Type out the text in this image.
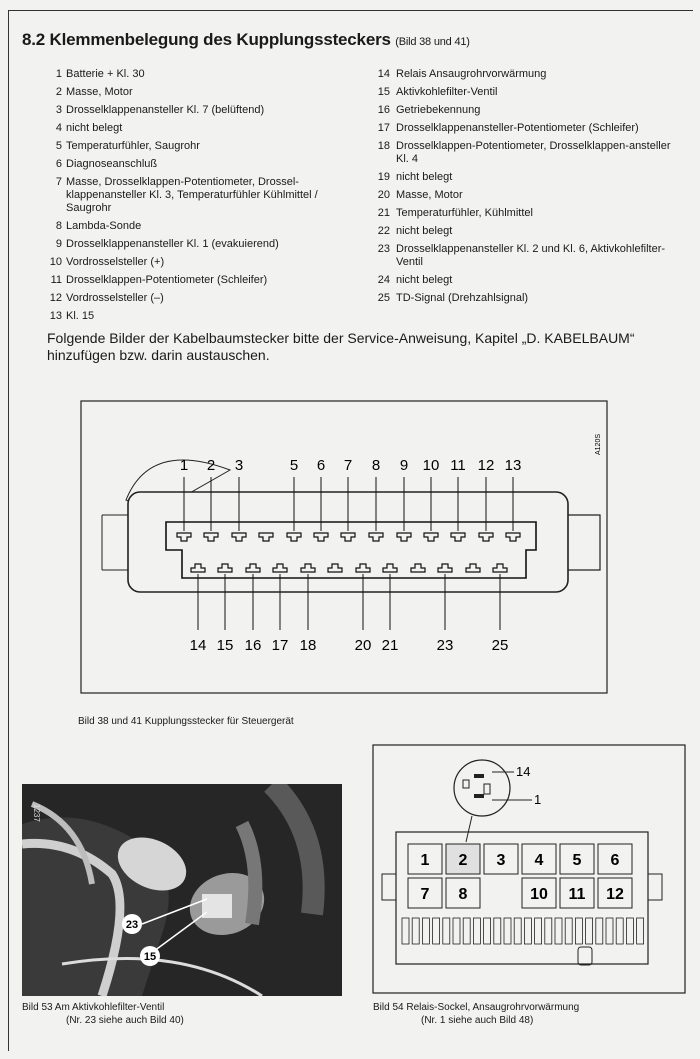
8.2 Klemmenbelegung des Kupplungssteckers (Bild 38 und 41)
1 Batterie + Kl. 30
2 Masse, Motor
3 Drosselklappenansteller Kl. 7 (belüftend)
4 nicht belegt
5 Temperaturfühler, Saugrohr
6 Diagnoseanschluß
7 Masse, Drosselklappen-Potentiometer, Drossel-klappenansteller Kl. 3, Temperaturfühler Kühlmittel / Saugrohr
8 Lambda-Sonde
9 Drosselklappenansteller Kl. 1 (evakuierend)
10 Vordrosselsteller (+)
11 Drosselklappen-Potentiometer (Schleifer)
12 Vordrosselsteller (–)
13 Kl. 15
14 Relais Ansaugrohrvorwärmung
15 Aktivkohlefilter-Ventil
16 Getriebekennung
17 Drosselklappenansteller-Potentiometer (Schleifer)
18 Drosselklappen-Potentiometer, Drosselklappen-ansteller Kl. 4
19 nicht belegt
20 Masse, Motor
21 Temperaturfühler, Kühlmittel
22 nicht belegt
23 Drosselklappenansteller Kl. 2 und Kl. 6, Aktivkohlefilter-Ventil
24 nicht belegt
25 TD-Signal (Drehzahlsignal)
Folgende Bilder der Kabelbaumstecker bitte der Service-Anweisung, Kapitel „D. KABELBAUM“ hinzufügen bzw. darin austauschen.
1 2 3	5 6 7 8 9 10 11 12 13
14 15 16 17 18	20 21	23	25
A120S
Bild 38 und 41 Kupplungsstecker für Steuergerät
23
15
1237
Bild 53 Am Aktivkohlefilter-Ventil
(Nr. 23 siehe auch Bild 40)
14
1
1 2 3 4 5 6
7 8	10 11 12
Bild 54 Relais-Sockel, Ansaugrohrvorwärmung
(Nr. 1 siehe auch Bild 48)
